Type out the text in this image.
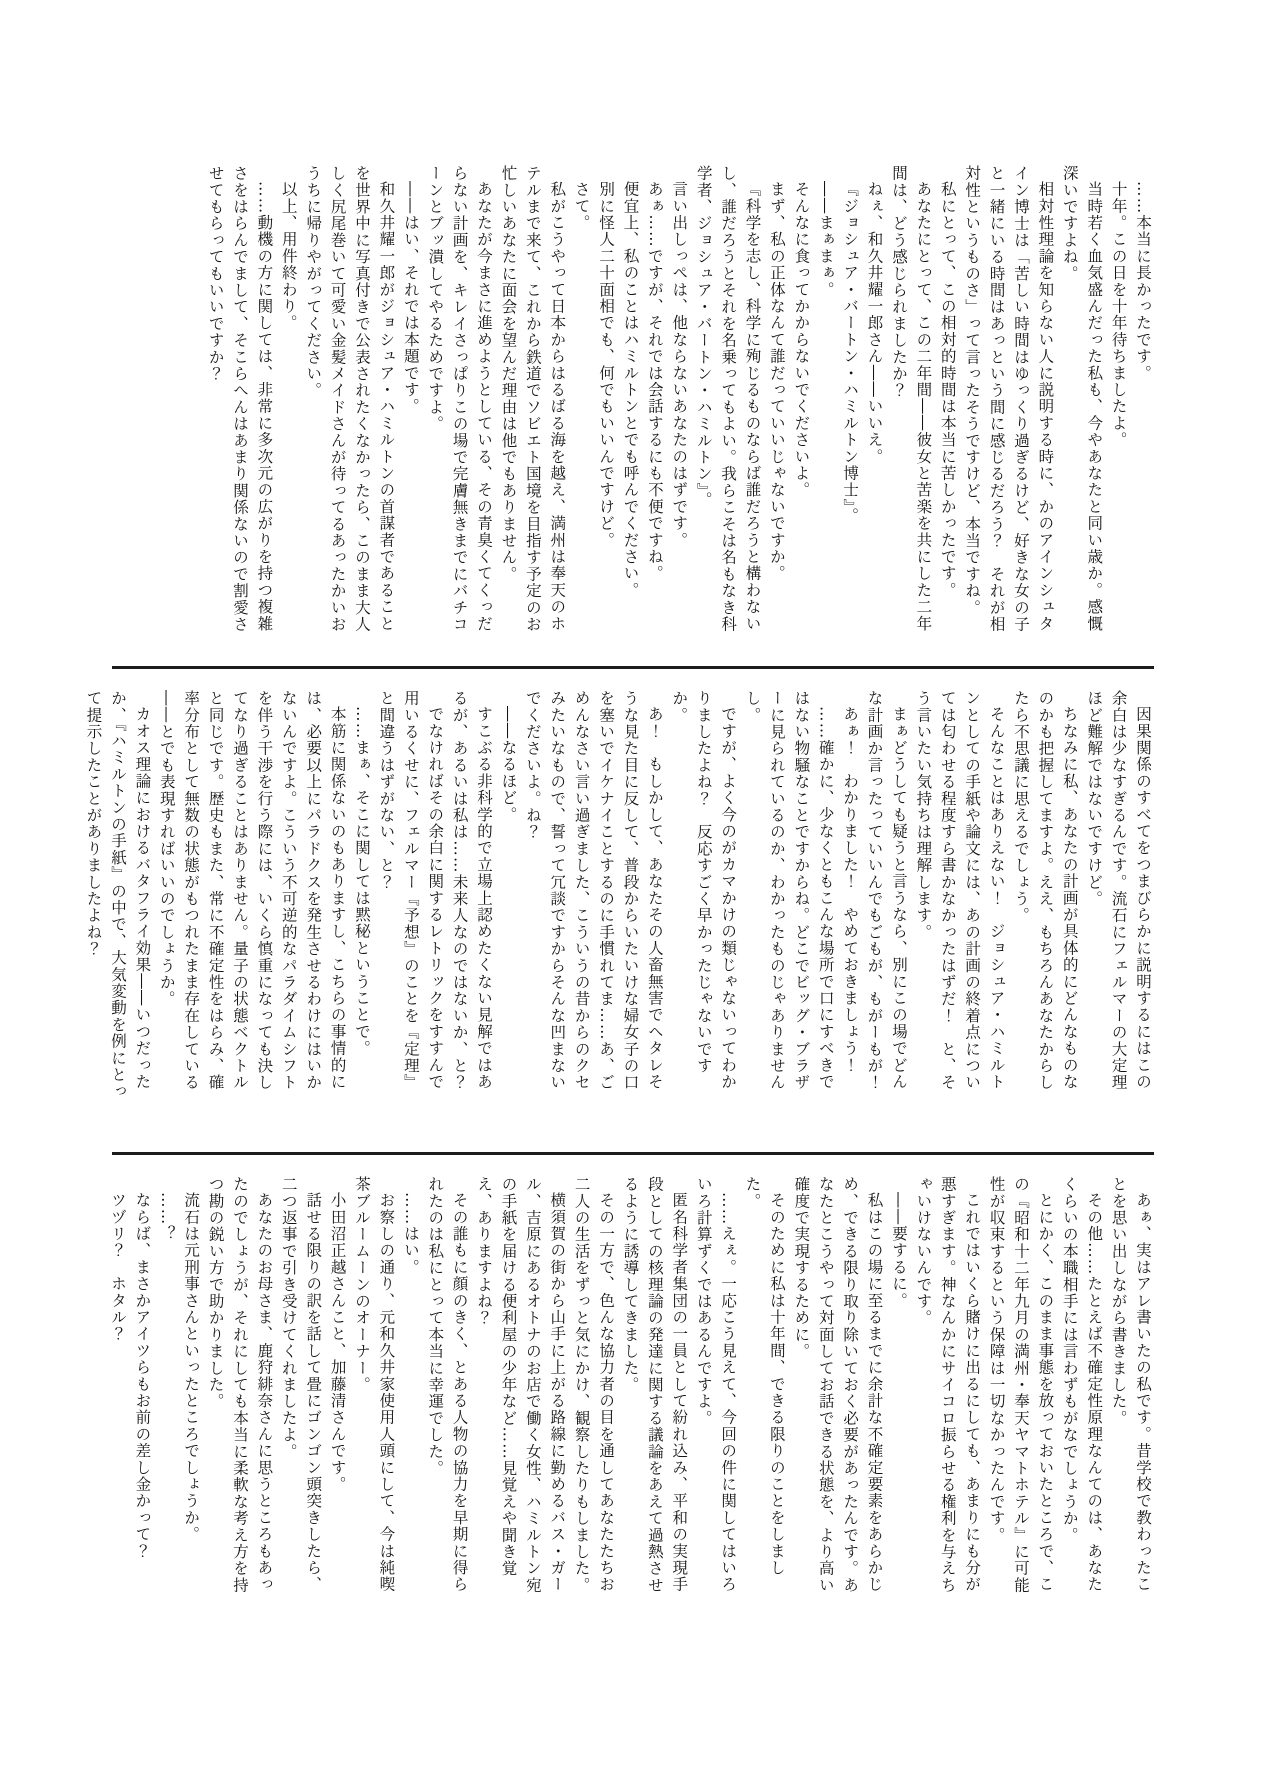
……本当に長かったです。

十年。この日を十年待ちましたよ。

当時若く血気盛んだった私も、今やあなたと同い歳か。感慨深いですよね。

相対性理論を知らない人に説明する時に、かのアインシュタイン博士は「苦しい時間はゆっくり過ぎるけど、好きな女の子と一緒にいる時間はあっという間に感じるだろう？　それが相対性というものさ」って言ったそうですけど、本当ですね。

私にとって、この相対的時間は本当に苦しかったです。

あなたにとって、この二年間――彼女と苦楽を共にした二年間は、どう感じられましたか？

ねぇ、和久井耀一郎さん――いいえ。

『ジョシュア・バートン・ハミルトン博士』。

――まぁまぁ。

そんなに食ってかからないでくださいよ。

まず、私の正体なんて誰だっていいじゃないですか。

『科学を志し、科学に殉じるものならば誰だろうと構わないし、誰だろうとそれを名乗ってもよい。我らこそは名もなき科学者、ジョシュア・バートン・ハミルトン』。

言い出しっぺは、他ならないあなたのはずです。

あぁ……ですが、それでは会話するにも不便ですね。

便宜上、私のことはハミルトンとでも呼んでください。

別に怪人二十面相でも、何でもいいんですけど。

さて。

私がこうやって日本からはるばる海を越え、満州は奉天のホテルまで来て、これから鉄道でソビエト国境を目指す予定のお忙しいあなたに面会を望んだ理由は他でもありません。

あなたが今まさに進めようとしている、その青臭くてくっだらない計画を、キレイさっぱりこの場で完膚無きまでにバチコーンとブッ潰してやるためですよ。

――はい、それでは本題です。

和久井耀一郎がジョシュア・ハミルトンの首謀者であることを世界中に写真付きで公表されたくなかったら、このまま大人しく尻尾巻いて可愛い金髪メイドさんが待ってるあったかいおうちに帰りやがってください。

以上、用件終わり。

……動機の方に関しては、非常に多次元の広がりを持つ複雑さをはらんでまして、そこらへんはあまり関係ないので割愛させてもらってもいいですか？

因果関係のすべてをつまびらかに説明するにはこの余白は少なすぎるんです。流石にフェルマーの大定理ほど難解ではないですけど。

ちなみに私、あなたの計画が具体的にどんなものなのかも把握してますよ。ええ、もちろんあなたからしたら不思議に思えるでしょう。

そんなことはありえない！　ジョシュア・ハミルトンとしての手紙や論文には、あの計画の終着点については匂わせる程度すら書かなかったはずだ！　と、そう言いたい気持ちは理解します。

まぁどうしても疑うと言うなら、別にこの場でどんな計画か言ったっていいんでもごもが、もがーもが！

あぁ！　わかりました！　やめておきましょう！

……確かに、少なくともこんな場所で口にすべきではない物騒なことですからね。どこでビッグ・ブラザーに見られているのか、わかったものじゃありませんし。

ですが、よく今のがカマかけの類じゃないってわかりましたよね？　反応すごく早かったじゃないですか。

あ！　もしかして、あなたその人畜無害でヘタレそうな見た目に反して、普段からいたいけな婦女子の口を塞いでイケナイことするのに手慣れてま……あ、ごめんなさい言い過ぎました、こういうの昔からのクセみたいなもので、誓って冗談ですからそんな凹まないでくださいよ。ね？

――なるほど。

すこぶる非科学的で立場上認めたくない見解ではあるが、あるいは私は……未来人なのではないか、と？

でなければその余白に関するレトリックをすすんで用いるくせに、フェルマー『予想』のことを『定理』と間違うはずがない、と？

……まぁ、そこに関しては黙秘ということで。

本筋に関係ないのもありますし、こちらの事情的には、必要以上にパラドクスを発生させるわけにはいかないんですよ。こういう不可逆的なパラダイムシフトを伴う干渉を行う際には、いくら慎重になっても決してなり過ぎることはありません。量子の状態ベクトルと同じです。歴史もまた、常に不確定性をはらみ、確率分布として無数の状態がもつれたまま存在している――とでも表現すればいいのでしょうか。

カオス理論におけるバタフライ効果――いつだったか、『ハミルトンの手紙』の中で、大気変動を例にとって提示したことがありましたよね？

あぁ、実はアレ書いたの私です。昔学校で教わったことを思い出しながら書きました。

その他……たとえば不確定性原理なんてのは、あなたくらいの本職相手には言わずもがなでしょうか。

とにかく、このまま事態を放っておいたところで、この『昭和十二年九月の満州・奉天ヤマトホテル』に可能性が収束するという保障は一切なかったんです。

これではいくら賭けに出るにしても、あまりにも分が悪すぎます。神なんかにサイコロ振らせる権利を与えちゃいけないんです。

――要するに。

私はこの場に至るまでに余計な不確定要素をあらかじめ、できる限り取り除いておく必要があったんです。あなたとこうやって対面してお話できる状態を、より高い確度で実現するために。

そのために私は十年間、できる限りのことをしました。

……えぇ。一応こう見えて、今回の件に関してはいろいろ計算ずくではあるんですよ。

匿名科学者集団の一員として紛れ込み、平和の実現手段としての核理論の発達に関する議論をあえて過熱させるように誘導してきました。

その一方で、色んな協力者の目を通してあなたたちお二人の生活をずっと気にかけ、観察したりもしました。

横須賀の街から山手に上がる路線に勤めるバス・ガール、吉原にあるオトナのお店で働く女性、ハミルトン宛の手紙を届ける便利屋の少年など……見覚えや聞き覚え、ありますよね？

その誰もに顔のきく、とある人物の協力を早期に得られたのは私にとって本当に幸運でした。

……はい。

お察しの通り、元和久井家使用人頭にして、今は純喫茶ブルームーンのオーナー。

小田沼正越さんこと、加藤清さんです。

話せる限りの訳を話して畳にゴンゴン頭突きしたら、二つ返事で引き受けてくれましたよ。

あなたのお母さま、鹿狩緋奈さんに思うところもあったのでしょうが、それにしても本当に柔軟な考え方を持つ勘の鋭い方で助かりました。

流石は元刑事さんといったところでしょうか。

……？

ならば、まさかアイツらもお前の差し金かって？

ツヅリ？　ホタル？
